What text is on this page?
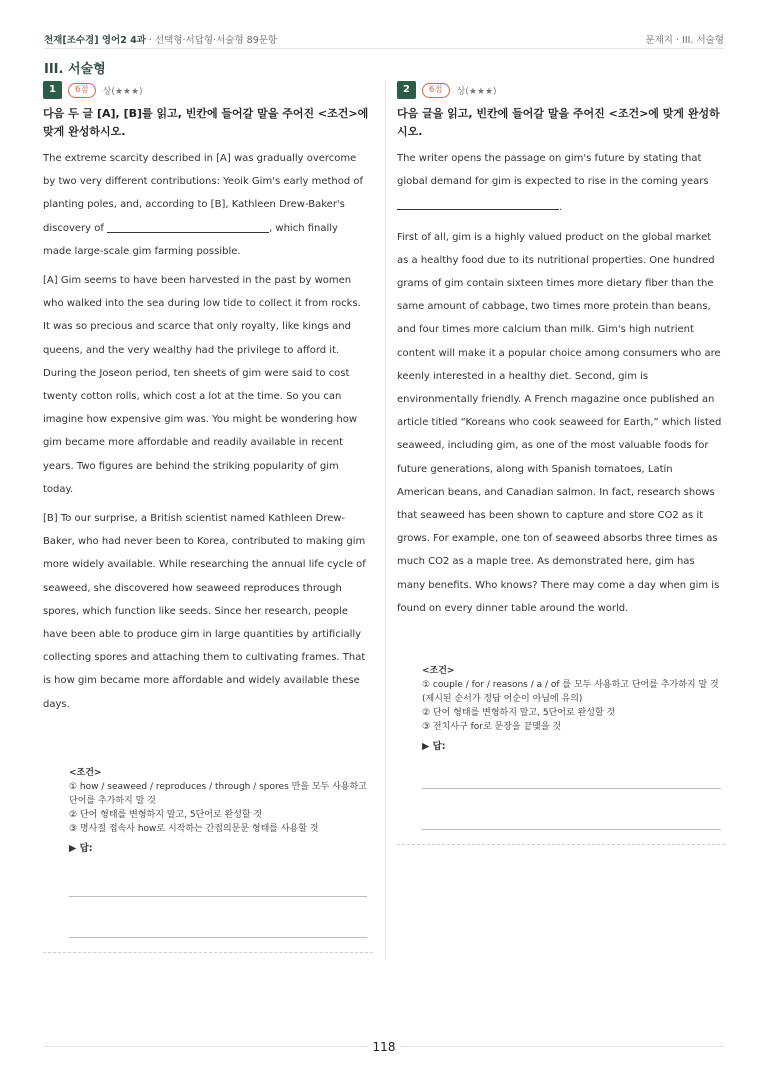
천재[조수경] 영어2 4과 · 선택형·서답형·서술형 89문항	문제지 · III. 서술형
III. 서술형
1	6점	상(★★★)
다음 두 글 [A], [B]를 읽고, 빈칸에 들어갈 말을 주어진 <조건>에 맞게 완성하시오.
The extreme scarcity described in [A] was gradually overcome by two very different contributions: Yeoik Gim's early method of planting poles, and, according to [B], Kathleen Drew-Baker's discovery of	, which finally made large-scale gim farming possible.
[A] Gim seems to have been harvested in the past by women who walked into the sea during low tide to collect it from rocks. It was so precious and scarce that only royalty, like kings and queens, and the very wealthy had the privilege to afford it. During the Joseon period, ten sheets of gim were said to cost twenty cotton rolls, which cost a lot at the time. So you can imagine how expensive gim was. You might be wondering how gim became more affordable and readily available in recent years. Two figures are behind the striking popularity of gim today.
[B] To our surprise, a British scientist named Kathleen Drew-Baker, who had never been to Korea, contributed to making gim more widely available. While researching the annual life cycle of seaweed, she discovered how seaweed reproduces through spores, which function like seeds. Since her research, people have been able to produce gim in large quantities by artificially collecting spores and attaching them to cultivating frames. That is how gim became more affordable and widely available these days.
<조건>
① how / seaweed / reproduces / through / spores 만을 모두 사용하고 단어를 추가하지 말 것
② 단어 형태를 변형하지 말고, 5단어로 완성할 것
③ 명사절 접속사 how로 시작하는 간접의문문 형태를 사용할 것
▶ 답:
2	6점	상(★★★)
다음 글을 읽고, 빈칸에 들어갈 말을 주어진 <조건>에 맞게 완성하시오.
The writer opens the passage on gim's future by stating that global demand for gim is expected to rise in the coming years
.
First of all, gim is a highly valued product on the global market as a healthy food due to its nutritional properties. One hundred grams of gim contain sixteen times more dietary fiber than the same amount of cabbage, two times more protein than beans, and four times more calcium than milk. Gim's high nutrient content will make it a popular choice among consumers who are keenly interested in a healthy diet. Second, gim is environmentally friendly. A French magazine once published an article titled “Koreans who cook seaweed for Earth,” which listed seaweed, including gim, as one of the most valuable foods for future generations, along with Spanish tomatoes, Latin American beans, and Canadian salmon. In fact, research shows that seaweed has been shown to capture and store CO2 as it grows. For example, one ton of seaweed absorbs three times as much CO2 as a maple tree. As demonstrated here, gim has many benefits. Who knows? There may come a day when gim is found on every dinner table around the world.
<조건>
① couple / for / reasons / a / of 를 모두 사용하고 단어를 추가하지 말 것(제시된 순서가 정답 어순이 아님에 유의)
② 단어 형태를 변형하지 말고, 5단어로 완성할 것
③ 전치사구 for로 문장을 끝맺을 것
▶ 답:
118
